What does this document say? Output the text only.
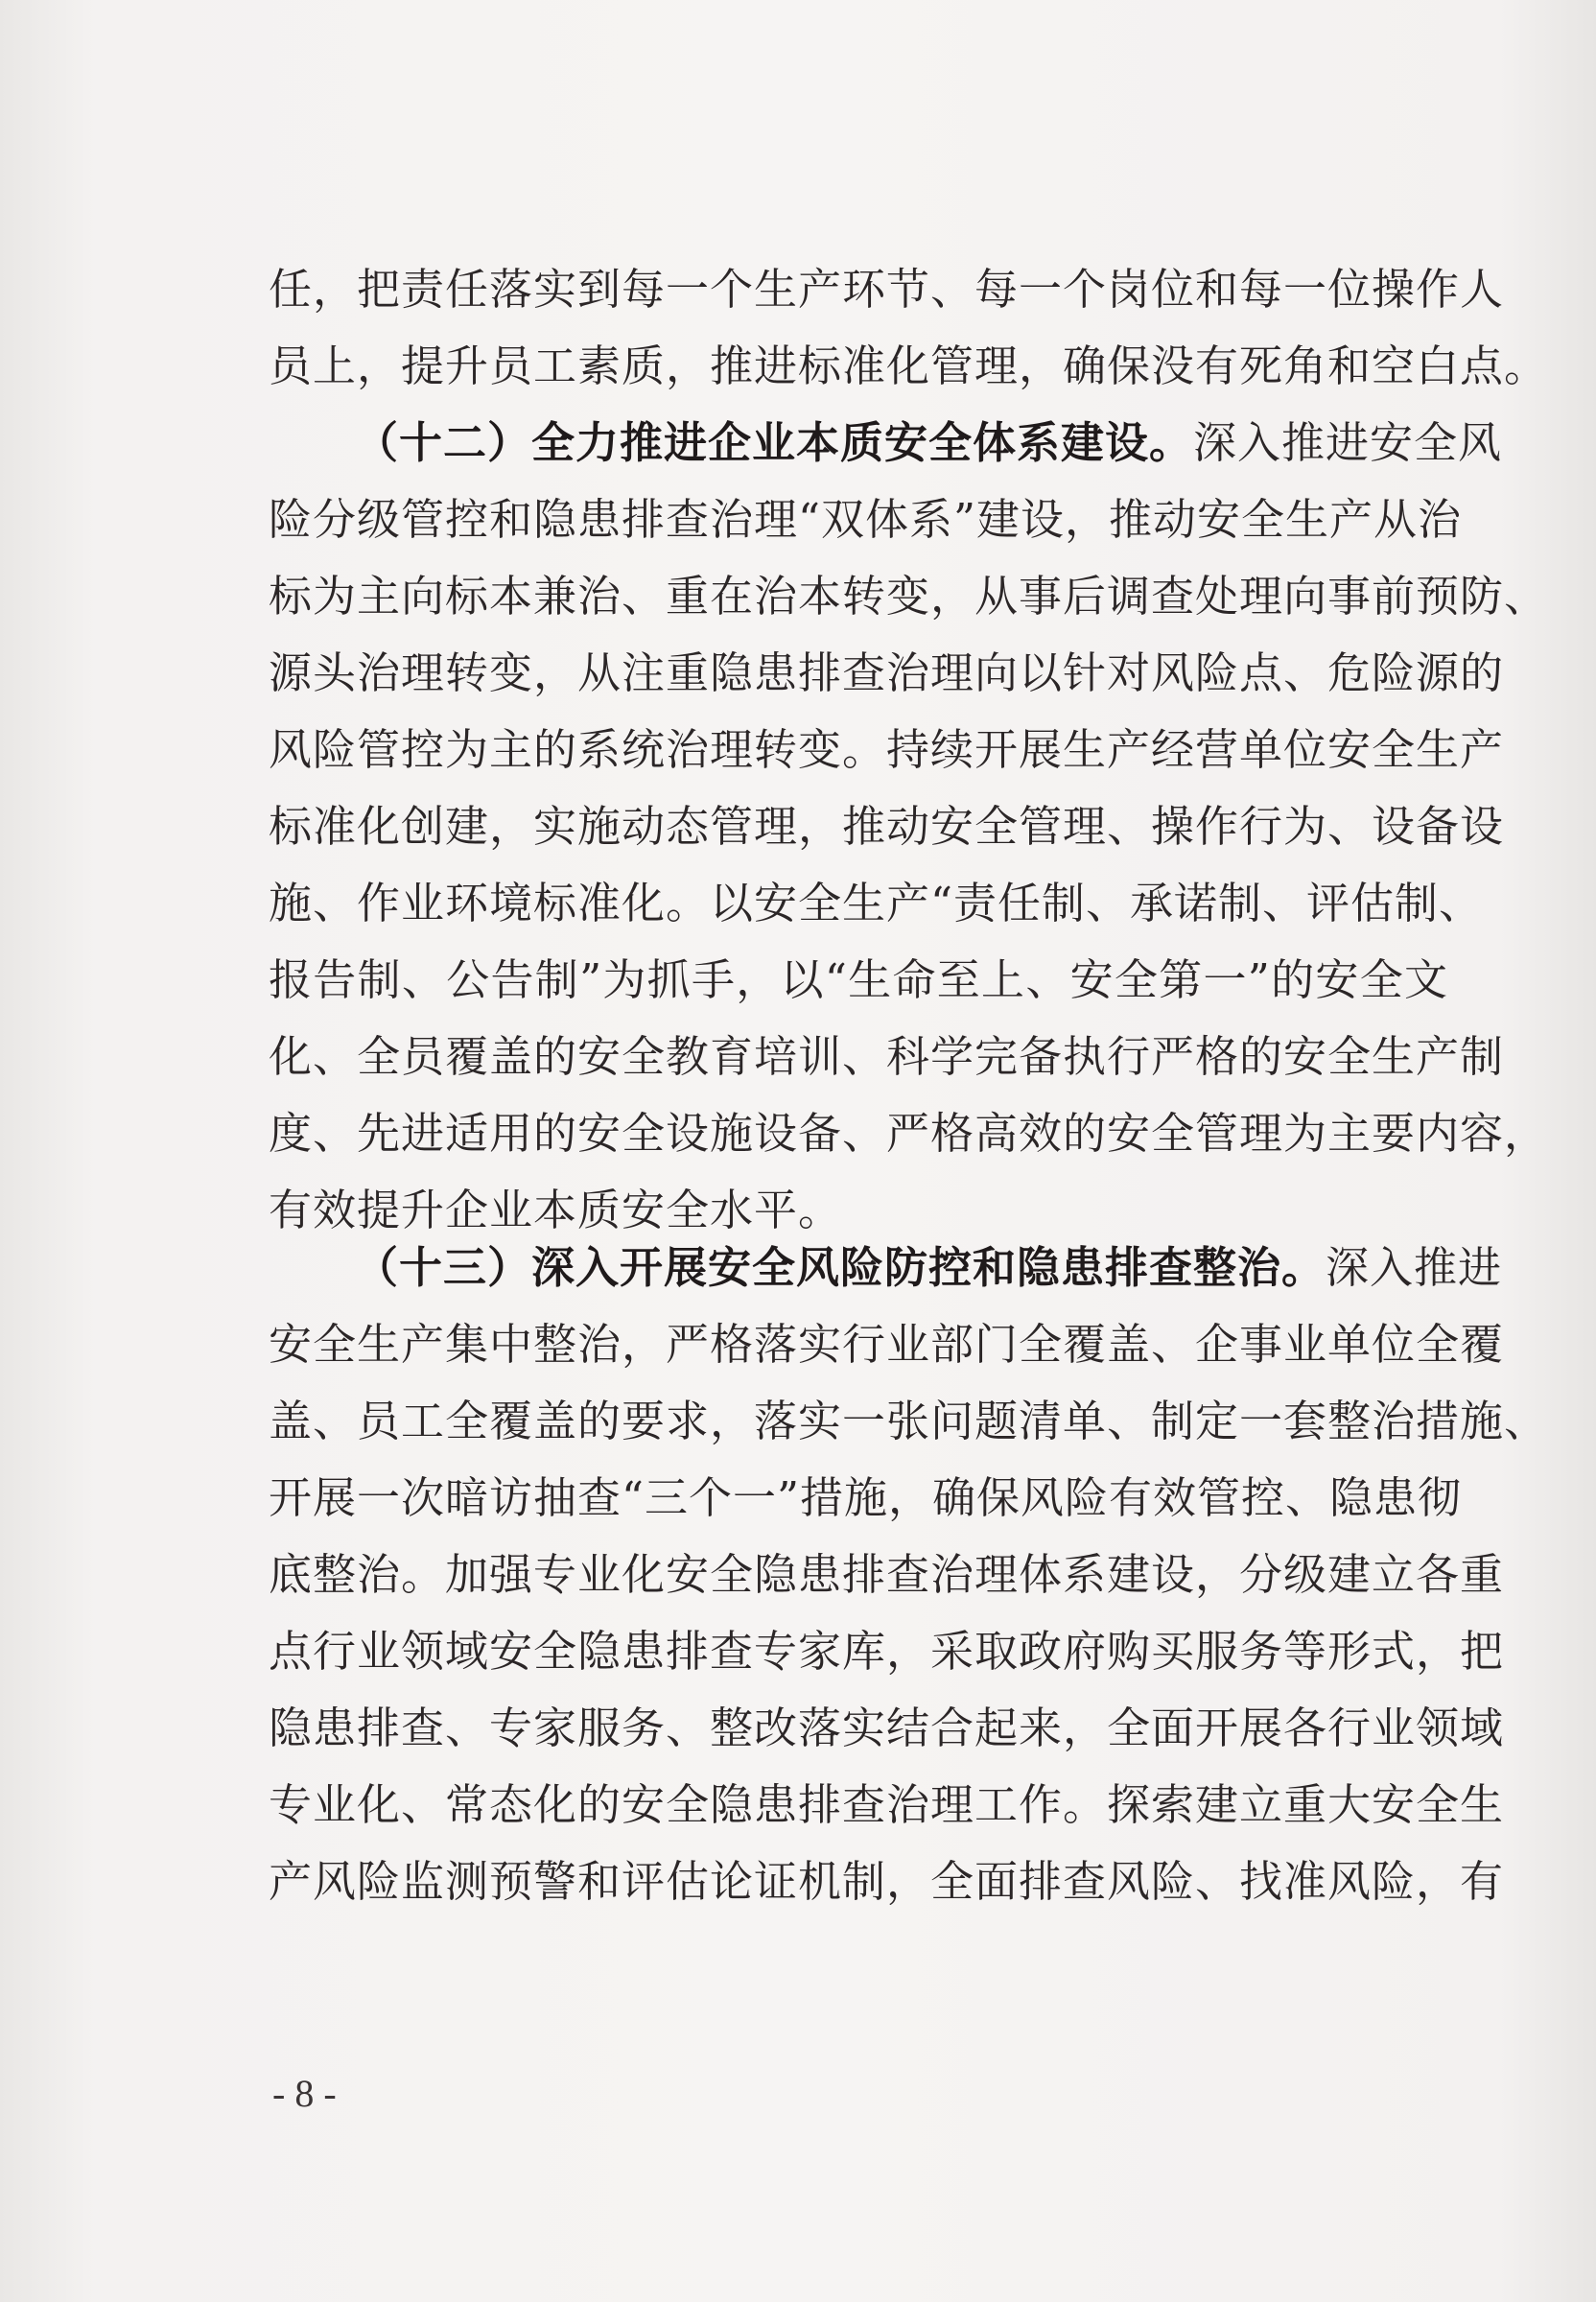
任，把责任落实到每一个生产环节、每一个岗位和每一位操作人
员上，提升员工素质，推进标准化管理，确保没有死角和空白点。
（十二）全力推进企业本质安全体系建设。深入推进安全风
险分级管控和隐患排查治理“双体系”建设，推动安全生产从治
标为主向标本兼治、重在治本转变，从事后调查处理向事前预防、
源头治理转变，从注重隐患排查治理向以针对风险点、危险源的
风险管控为主的系统治理转变。持续开展生产经营单位安全生产
标准化创建，实施动态管理，推动安全管理、操作行为、设备设
施、作业环境标准化。以安全生产“责任制、承诺制、评估制、
报告制、公告制”为抓手，以“生命至上、安全第一”的安全文
化、全员覆盖的安全教育培训、科学完备执行严格的安全生产制
度、先进适用的安全设施设备、严格高效的安全管理为主要内容，
有效提升企业本质安全水平。
（十三）深入开展安全风险防控和隐患排查整治。深入推进
安全生产集中整治，严格落实行业部门全覆盖、企事业单位全覆
盖、员工全覆盖的要求，落实一张问题清单、制定一套整治措施、
开展一次暗访抽查“三个一”措施，确保风险有效管控、隐患彻
底整治。加强专业化安全隐患排查治理体系建设，分级建立各重
点行业领域安全隐患排查专家库，采取政府购买服务等形式，把
隐患排查、专家服务、整改落实结合起来，全面开展各行业领域
专业化、常态化的安全隐患排查治理工作。探索建立重大安全生
产风险监测预警和评估论证机制，全面排查风险、找准风险，有
- 8 -
